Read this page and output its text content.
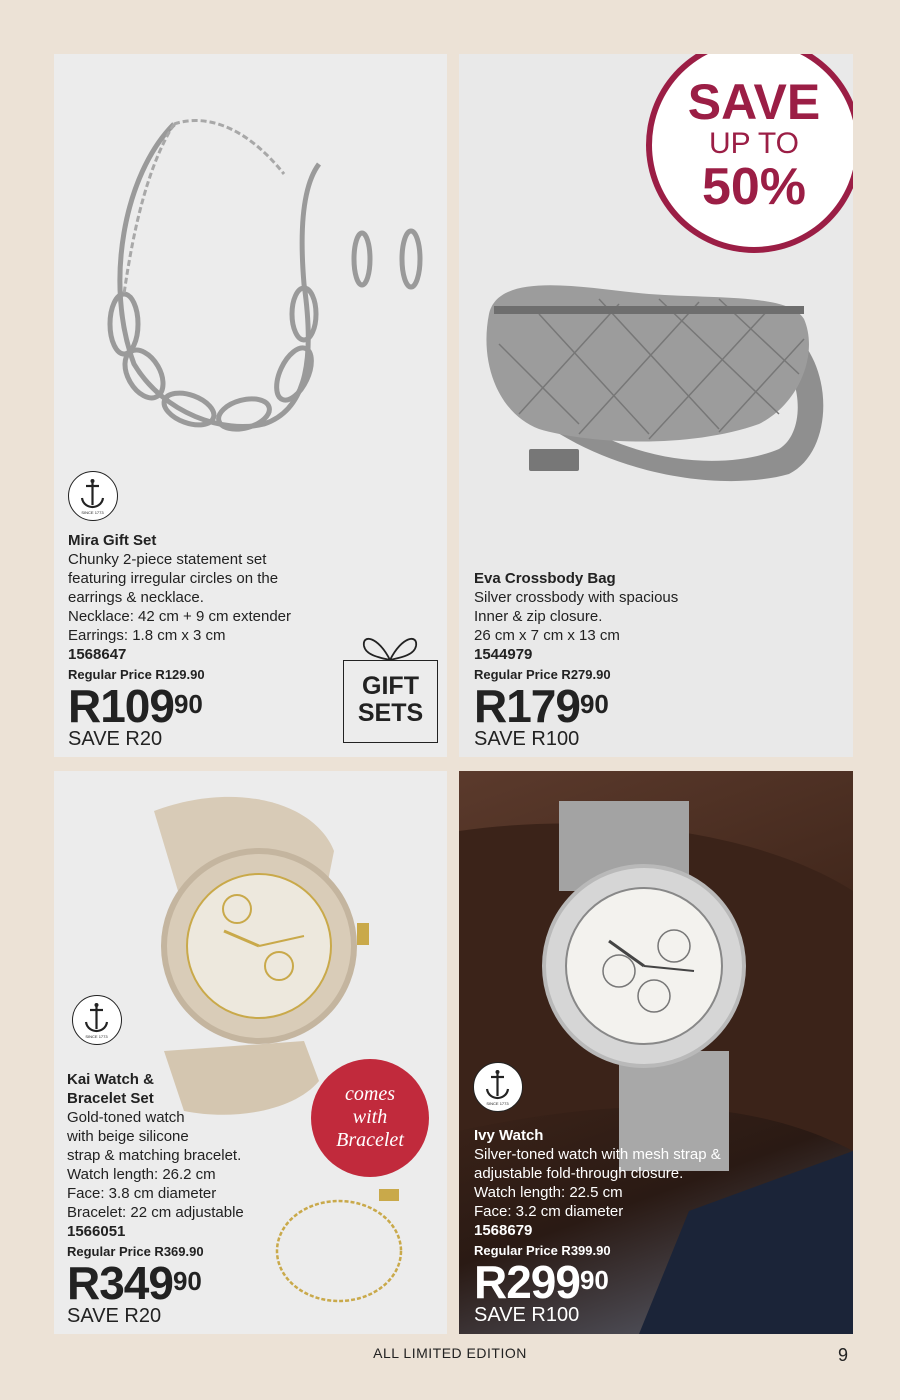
SINCE 1773
SAVE
UP TO
50%
SINCE 1773
SINCE 1773
Mira Gift Set
Chunky 2-piece statement set
featuring irregular circles on the
earrings & necklace.
Necklace: 42 cm + 9 cm extender
Earrings: 1.8 cm x 3 cm
1568647
Regular Price R129.90
$R109^{90}$
SAVE R20
GIFT
SETS
Eva Crossbody Bag
Silver crossbody with spacious
Inner & zip closure.
26 cm x 7 cm x 13 cm
1544979
Regular Price R279.90
$R179^{90}$
SAVE R100
comes
with
Bracelet
Kai Watch &
Bracelet Set
Gold-toned watch
with beige silicone
strap & matching bracelet.
Watch length: 26.2 cm
Face: 3.8 cm diameter
Bracelet: 22 cm adjustable
1566051
Regular Price R369.90
$R349^{90}$
SAVE R20
Ivy Watch
Silver-toned watch with mesh strap &
adjustable fold-through closure.
Watch length: 22.5 cm
Face: 3.2 cm diameter
1568679
Regular Price R399.90
$R299^{90}$
SAVE R100
ALL LIMITED EDITION	9
